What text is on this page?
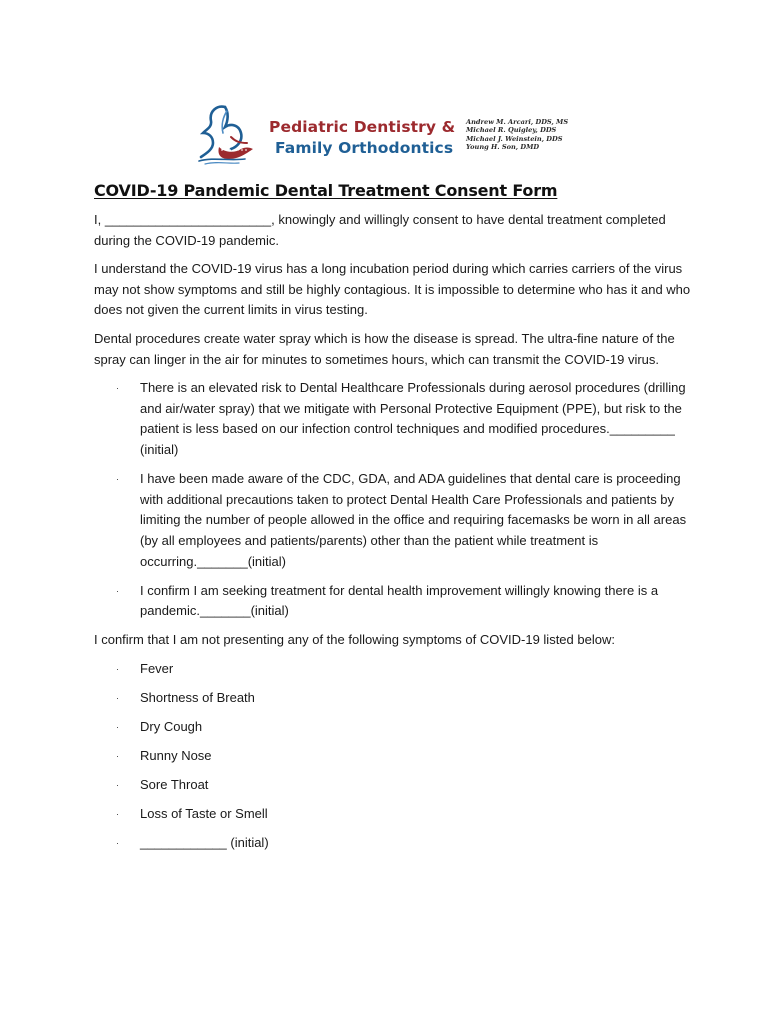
Pediatric Dentistry &
Family Orthodontics
Andrew M. Arcari, DDS, MS
Michael R. Quigley, DDS
Michael J. Weinstein, DDS
Young H. Son, DMD
COVID-19 Pandemic Dental Treatment Consent Form

I, _______________________, knowingly and willingly consent to have dental treatment completed during the COVID-19 pandemic.

I understand the COVID-19 virus has a long incubation period during which carries carriers of the virus may not show symptoms and still be highly contagious. It is impossible to determine who has it and who does not given the current limits in virus testing.

Dental procedures create water spray which is how the disease is spread. The ultra-fine nature of the spray can linger in the air for minutes to sometimes hours, which can transmit the COVID-19 virus.

· There is an elevated risk to Dental Healthcare Professionals during aerosol procedures (drilling and air/water spray) that we mitigate with Personal Protective Equipment (PPE), but risk to the patient is less based on our infection control techniques and modified procedures._________ (initial)
· I have been made aware of the CDC, GDA, and ADA guidelines that dental care is proceeding with additional precautions taken to protect Dental Health Care Professionals and patients by limiting the number of people allowed in the office and requiring facemasks be worn in all areas (by all employees and patients/parents) other than the patient while treatment is occurring._______(initial)
· I confirm I am seeking treatment for dental health improvement willingly knowing there is a pandemic._______(initial)

I confirm that I am not presenting any of the following symptoms of COVID-19 listed below:

· Fever
· Shortness of Breath
· Dry Cough
· Runny Nose
· Sore Throat
· Loss of Taste or Smell
· ____________ (initial)
